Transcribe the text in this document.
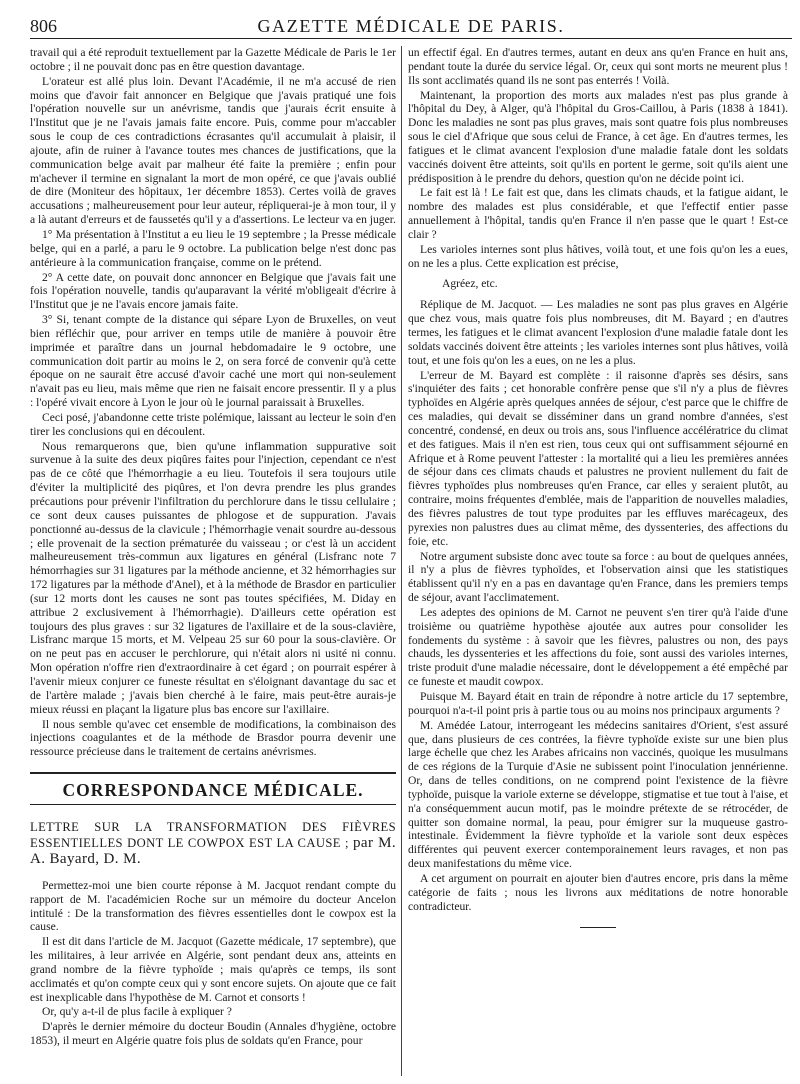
806	GAZETTE MÉDICALE DE PARIS.

travail qui a été reproduit textuellement par la Gazette Médicale de Paris le 1er octobre ; il ne pouvait donc pas en être question davantage.

L'orateur est allé plus loin. Devant l'Académie, il ne m'a accusé de rien moins que d'avoir fait annoncer en Belgique que j'avais pratiqué une fois l'opération nouvelle sur un anévrisme, tandis que j'aurais écrit ensuite à l'Institut que je ne l'avais jamais faite encore. Puis, comme pour m'accabler sous le coup de ces contradictions écrasantes qu'il accumulait à plaisir, il ajoute, afin de ruiner à l'avance toutes mes chances de justifications, que la communication belge avait par malheur été faite la première ; enfin pour m'achever il termine en signalant la mort de mon opéré, ce que j'avais oublié de dire (Moniteur des hôpitaux, 1er décembre 1853). Certes voilà de graves accusations ; malheureusement pour leur auteur, répliquerai-je à mon tour, il y a là autant d'erreurs et de faussetés qu'il y a d'assertions. Le lecteur va en juger.

1° Ma présentation à l'Institut a eu lieu le 19 septembre ; la Presse médicale belge, qui en a parlé, a paru le 9 octobre. La publication belge n'est donc pas antérieure à la communication française, comme on le prétend.

2° A cette date, on pouvait donc annoncer en Belgique que j'avais fait une fois l'opération nouvelle, tandis qu'auparavant la vérité m'obligeait d'écrire à l'Institut que je ne l'avais encore jamais faite.

3° Si, tenant compte de la distance qui sépare Lyon de Bruxelles, on veut bien réfléchir que, pour arriver en temps utile de manière à pouvoir être imprimée et paraître dans un journal hebdomadaire le 9 octobre, une communication doit partir au moins le 2, on sera forcé de convenir qu'à cette époque on ne saurait être accusé d'avoir caché une mort qui non-seulement n'avait pas eu lieu, mais même que rien ne faisait encore pressentir. Il y a plus : l'opéré vivait encore à Lyon le jour où le journal paraissait à Bruxelles.

Ceci posé, j'abandonne cette triste polémique, laissant au lecteur le soin d'en tirer les conclusions qui en découlent.

Nous remarquerons que, bien qu'une inflammation suppurative soit survenue à la suite des deux piqûres faites pour l'injection, cependant ce n'est pas de ce côté que l'hémorrhagie a eu lieu. Toutefois il sera toujours utile d'éviter la multiplicité des piqûres, et l'on devra prendre les plus grandes précautions pour prévenir l'infiltration du perchlorure dans le tissu cellulaire ; ce sont deux causes puissantes de phlogose et de suppuration. J'avais ponctionné au-dessus de la clavicule ; l'hémorrhagie venait sourdre au-dessous ; elle provenait de la section prématurée du vaisseau ; or c'est là un accident malheureusement très-commun aux ligatures en général (Lisfranc note 7 hémorrhagies sur 31 ligatures par la méthode ancienne, et 32 hémorrhagies sur 172 ligatures par la méthode d'Anel), et à la méthode de Brasdor en particulier (sur 12 morts dont les causes ne sont pas toutes spécifiées, M. Diday en attribue 2 exclusivement à l'hémorrhagie). D'ailleurs cette opération est toujours des plus graves : sur 32 ligatures de l'axillaire et de la sous-clavière, Lisfranc marque 15 morts, et M. Velpeau 25 sur 60 pour la sous-clavière. Or on ne peut pas en accuser le perchlorure, qui n'était alors ni usité ni connu. Mon opération n'offre rien d'extraordinaire à cet égard ; on pourrait espérer à l'avenir mieux conjurer ce funeste résultat en s'éloignant davantage du sac et de l'artère malade ; j'avais bien cherché à le faire, mais peut-être aurais-je mieux réussi en plaçant la ligature plus bas encore sur l'axillaire.

Il nous semble qu'avec cet ensemble de modifications, la combinaison des injections coagulantes et de la méthode de Brasdor pourra devenir une ressource précieuse dans le traitement de certains anévrismes.

CORRESPONDANCE MÉDICALE.

LETTRE SUR LA TRANSFORMATION DES FIÈVRES ESSENTIELLES DONT LE COWPOX EST LA CAUSE ; par M. A. Bayard, D. M.

Permettez-moi une bien courte réponse à M. Jacquot rendant compte du rapport de M. l'académicien Roche sur un mémoire du docteur Ancelon intitulé : De la transformation des fièvres essentielles dont le cowpox est la cause.

Il est dit dans l'article de M. Jacquot (Gazette médicale, 17 septembre), que les militaires, à leur arrivée en Algérie, sont pendant deux ans, atteints en grand nombre de la fièvre typhoïde ; mais qu'après ce temps, ils sont acclimatés et qu'on compte ceux qui y sont encore sujets. On ajoute que ce fait est inexplicable dans l'hypothèse de M. Carnot et consorts !

Or, qu'y a-t-il de plus facile à expliquer ?

D'après le dernier mémoire du docteur Boudin (Annales d'hygiène, octobre 1853), il meurt en Algérie quatre fois plus de soldats qu'en France, pour

un effectif égal. En d'autres termes, autant en deux ans qu'en France en huit ans, pendant toute la durée du service légal. Or, ceux qui sont morts ne meurent plus ! Ils sont acclimatés quand ils ne sont pas enterrés ! Voilà.

Maintenant, la proportion des morts aux malades n'est pas plus grande à l'hôpital du Dey, à Alger, qu'à l'hôpital du Gros-Caillou, à Paris (1838 à 1841). Donc les maladies ne sont pas plus graves, mais sont quatre fois plus nombreuses sous le ciel d'Afrique que sous celui de France, à cet âge. En d'autres termes, les fatigues et le climat avancent l'explosion d'une maladie fatale dont les soldats vaccinés doivent être atteints, soit qu'ils en portent le germe, soit qu'ils aient une prédisposition à le prendre du dehors, question qu'on ne décide point ici.

Le fait est là ! Le fait est que, dans les climats chauds, et la fatigue aidant, le nombre des malades est plus considérable, et que l'effectif entier passe annuellement à l'hôpital, tandis qu'en France il n'en passe que le quart ! Est-ce clair ?

Les varioles internes sont plus hâtives, voilà tout, et une fois qu'on les a eues, on ne les a plus. Cette explication est précise,

Agréez, etc.

Réplique de M. Jacquot. — Les maladies ne sont pas plus graves en Algérie que chez vous, mais quatre fois plus nombreuses, dit M. Bayard ; en d'autres termes, les fatigues et le climat avancent l'explosion d'une maladie fatale dont les soldats vaccinés doivent être atteints ; les varioles internes sont plus hâtives, voilà tout, et une fois qu'on les a eues, on ne les a plus.

L'erreur de M. Bayard est complète : il raisonne d'après ses désirs, sans s'inquiéter des faits ; cet honorable confrère pense que s'il n'y a plus de fièvres typhoïdes en Algérie après quelques années de séjour, c'est parce que le chiffre de ces maladies, qui devait se disséminer dans un grand nombre d'années, s'est concentré, condensé, en deux ou trois ans, sous l'influence accélératrice du climat et des fatigues. Mais il n'en est rien, tous ceux qui ont suffisamment séjourné en Afrique et à Rome peuvent l'attester : la mortalité qui a lieu les premières années de séjour dans ces climats chauds et palustres ne provient nullement du fait de fièvres typhoïdes plus nombreuses qu'en France, car elles y seraient plutôt, au contraire, moins fréquentes d'emblée, mais de l'apparition de nouvelles maladies, des fièvres palustres de tout type produites par les effluves marécageux, des pyrexies non palustres dues au climat même, des dyssenteries, des affections du foie, etc.

Notre argument subsiste donc avec toute sa force : au bout de quelques années, il n'y a plus de fièvres typhoïdes, et l'observation ainsi que les statistiques établissent qu'il n'y en a pas en davantage qu'en France, dans les premiers temps de séjour, avant l'acclimatement.

Les adeptes des opinions de M. Carnot ne peuvent s'en tirer qu'à l'aide d'une troisième ou quatrième hypothèse ajoutée aux autres pour consolider les fondements du système : à savoir que les fièvres, palustres ou non, des pays chauds, les dyssenteries et les affections du foie, sont aussi des varioles internes, triste produit d'une maladie nécessaire, dont le développement a été empêché par ce funeste et maudit cowpox.

Puisque M. Bayard était en train de répondre à notre article du 17 septembre, pourquoi n'a-t-il point pris à partie tous ou au moins nos principaux arguments ?

M. Amédée Latour, interrogeant les médecins sanitaires d'Orient, s'est assuré que, dans plusieurs de ces contrées, la fièvre typhoïde existe sur une bien plus large échelle que chez les Arabes africains non vaccinés, quoique les musulmans de ces régions de la Turquie d'Asie ne subissent point l'inoculation jennérienne. Or, dans de telles conditions, on ne comprend point l'existence de la fièvre typhoïde, puisque la variole externe se développe, stigmatise et tue tout à l'aise, et n'a conséquemment aucun motif, pas le moindre prétexte de se rétrocéder, de quitter son domaine normal, la peau, pour émigrer sur la muqueuse gastro-intestinale. Évidemment la fièvre typhoïde et la variole sont deux espèces différentes qui peuvent exercer contemporainement leurs ravages, et non pas deux manifestations du même vice.

A cet argument on pourrait en ajouter bien d'autres encore, pris dans la même catégorie de faits ; nous les livrons aux méditations de notre honorable contradicteur.
